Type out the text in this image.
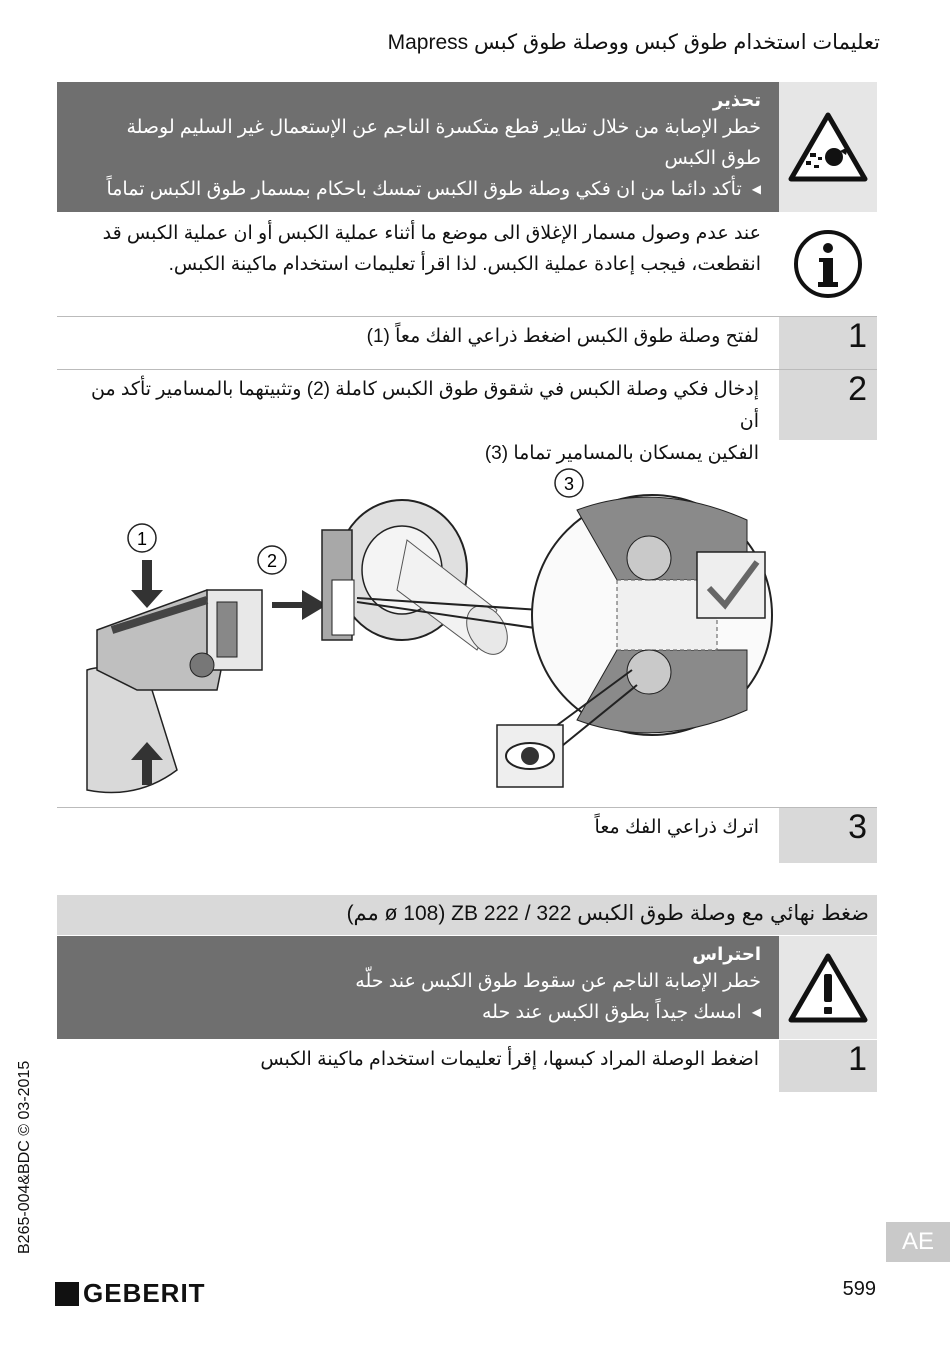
تعليمات استخدام طوق كبس ووصلة طوق كبس Mapress
تحذير
خطر الإصابة من خلال تطاير قطع متكسرة الناجم عن الإستعمال غير السليم لوصلة
طوق الكبس
◀ تأكد دائما من ان فكي وصلة طوق الكبس تمسك باحكام بمسمار طوق الكبس تماماً
عند عدم وصول مسمار الإغلاق الى موضع ما أثناء عملية الكبس أو ان عملية الكبس قد
انقطعت، فيجب إعادة عملية الكبس. لذا اقرأ تعليمات استخدام ماكينة الكبس.
1
لفتح وصلة طوق الكبس اضغط ذراعي الفك معاً (1)
2
إدخال فكي وصلة الكبس في شقوق طوق الكبس كاملة (2) وتثبيتهما بالمسامير تأكد من أن
الفكين يمسكان بالمسامير تماما (3)
1
2
3
3
اترك ذراعي الفك معاً
ضغط نهائي مع وصلة طوق الكبس ZB 222 / 322 (ø 108 مم)
احتراس
خطر الإصابة الناجم عن سقوط طوق الكبس عند حلّه
◀ امسك جيداً بطوق الكبس عند حله
1
اضغط الوصلة المراد كبسها، إقرأ تعليمات استخدام ماكينة الكبس
B265-004&BDC © 03-2015	AE
GEBERIT	599
